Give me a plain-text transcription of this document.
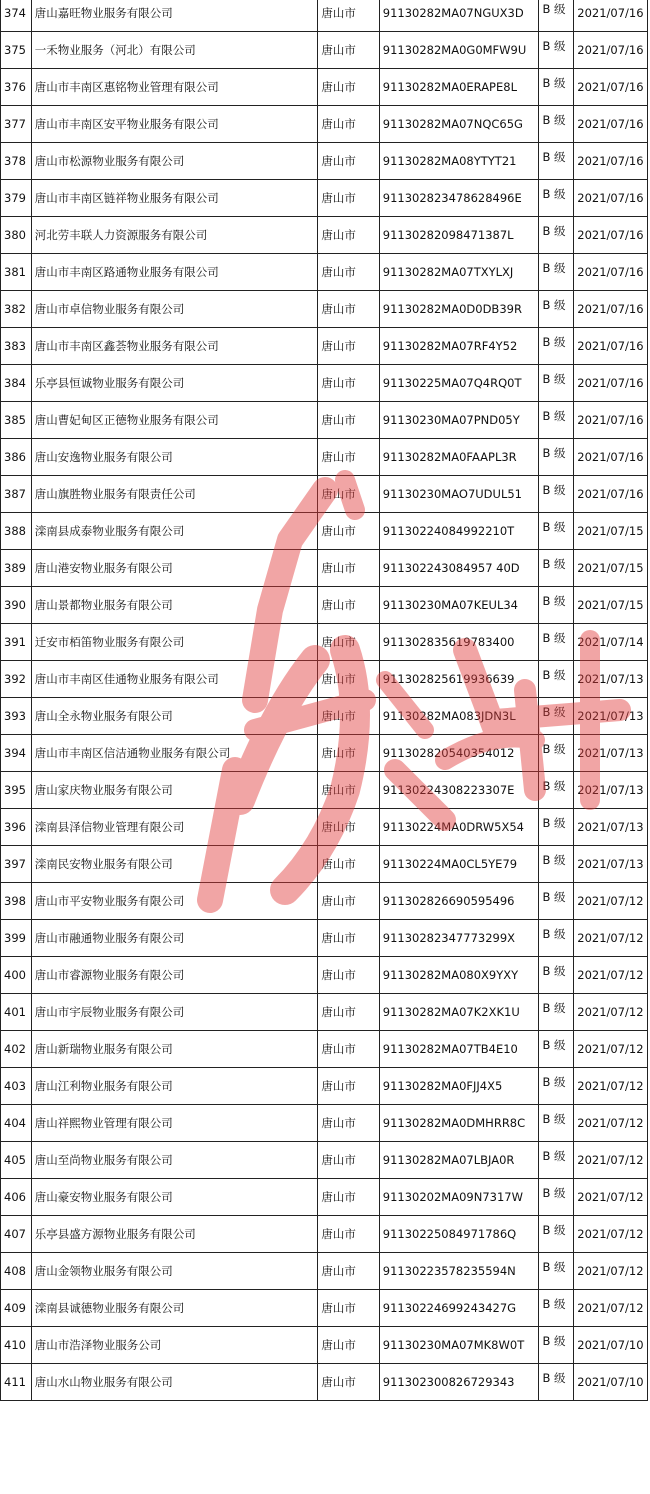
374	唐山嘉旺物业服务有限公司	唐山市	91130282MA07NGUX3D	B 级	2021/07/16
375	一禾物业服务（河北）有限公司	唐山市	91130282MA0G0MFW9U	B 级	2021/07/16
376	唐山市丰南区惠铭物业管理有限公司	唐山市	91130282MA0ERAPE8L	B 级	2021/07/16
377	唐山市丰南区安平物业服务有限公司	唐山市	91130282MA07NQC65G	B 级	2021/07/16
378	唐山市松源物业服务有限公司	唐山市	91130282MA08YTYT21	B 级	2021/07/16
379	唐山市丰南区链祥物业服务有限公司	唐山市	911302823478628496E	B 级	2021/07/16
380	河北劳丰联人力资源服务有限公司	唐山市	91130282098471387L	B 级	2021/07/16
381	唐山市丰南区路通物业服务有限公司	唐山市	91130282MA07TXYLXJ	B 级	2021/07/16
382	唐山市卓信物业服务有限公司	唐山市	91130282MA0D0DB39R	B 级	2021/07/16
383	唐山市丰南区鑫荟物业服务有限公司	唐山市	91130282MA07RF4Y52	B 级	2021/07/16
384	乐亭县恒诚物业服务有限公司	唐山市	91130225MA07Q4RQ0T	B 级	2021/07/16
385	唐山曹妃甸区正德物业服务有限公司	唐山市	91130230MA07PND05Y	B 级	2021/07/16
386	唐山安逸物业服务有限公司	唐山市	91130282MA0FAAPL3R	B 级	2021/07/16
387	唐山旗胜物业服务有限责任公司	唐山市	91130230MAO7UDUL51	B 级	2021/07/16
388	滦南县成泰物业服务有限公司	唐山市	91130224084992210T	B 级	2021/07/15
389	唐山港安物业服务有限公司	唐山市	911302243084957 40D	B 级	2021/07/15
390	唐山景都物业服务有限公司	唐山市	91130230MA07KEUL34	B 级	2021/07/15
391	迁安市栢笛物业服务有限公司	唐山市	911302835619783400	B 级	2021/07/14
392	唐山市丰南区佳通物业服务有限公司	唐山市	911302825619936639	B 级	2021/07/13
393	唐山全永物业服务有限公司	唐山市	91130282MA083JDN3L	B 级	2021/07/13
394	唐山市丰南区信洁通物业服务有限公司	唐山市	911302820540354012	B 级	2021/07/13
395	唐山家庆物业服务有限公司	唐山市	91130224308223307E	B 级	2021/07/13
396	滦南县泽信物业管理有限公司	唐山市	91130224MA0DRW5X54	B 级	2021/07/13
397	滦南民安物业服务有限公司	唐山市	91130224MA0CL5YE79	B 级	2021/07/13
398	唐山市平安物业服务有限公司	唐山市	911302826690595496	B 级	2021/07/12
399	唐山市融通物业服务有限公司	唐山市	91130282347773299X	B 级	2021/07/12
400	唐山市睿源物业服务有限公司	唐山市	91130282MA080X9YXY	B 级	2021/07/12
401	唐山市宇辰物业服务有限公司	唐山市	91130282MA07K2XK1U	B 级	2021/07/12
402	唐山新瑞物业服务有限公司	唐山市	91130282MA07TB4E10	B 级	2021/07/12
403	唐山江利物业服务有限公司	唐山市	91130282MA0FJJ4X5	B 级	2021/07/12
404	唐山祥熙物业管理有限公司	唐山市	91130282MA0DMHRR8C	B 级	2021/07/12
405	唐山至尚物业服务有限公司	唐山市	91130282MA07LBJA0R	B 级	2021/07/12
406	唐山豪安物业服务有限公司	唐山市	91130202MA09N7317W	B 级	2021/07/12
407	乐亭县盛方源物业服务有限公司	唐山市	91130225084971786Q	B 级	2021/07/12
408	唐山金领物业服务有限公司	唐山市	91130223578235594N	B 级	2021/07/12
409	滦南县诚德物业服务有限公司	唐山市	91130224699243427G	B 级	2021/07/12
410	唐山市浩泽物业服务公司	唐山市	91130230MA07MK8W0T	B 级	2021/07/10
411	唐山水山物业服务有限公司	唐山市	911302300826729343	B 级	2021/07/10
